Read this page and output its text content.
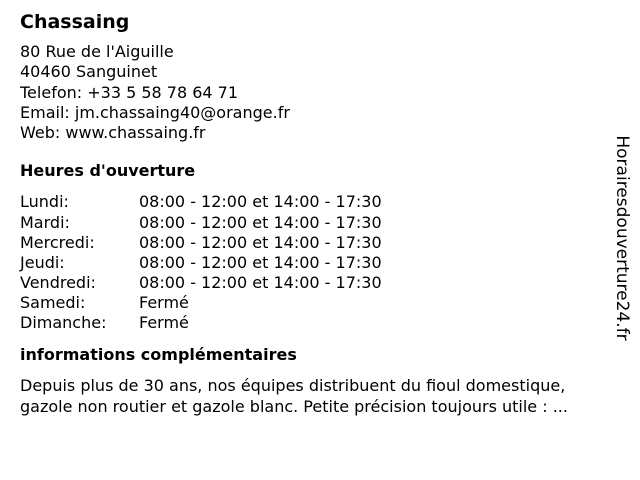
Chassaing
80 Rue de l'Aiguille
40460 Sanguinet
Telefon: +33 5 58 78 64 71
Email: jm.chassaing40@orange.fr
Web: www.chassaing.fr
Heures d'ouverture
Lundi:	08:00 - 12:00 et 14:00 - 17:30
Mardi:	08:00 - 12:00 et 14:00 - 17:30
Mercredi:	08:00 - 12:00 et 14:00 - 17:30
Jeudi:	08:00 - 12:00 et 14:00 - 17:30
Vendredi:	08:00 - 12:00 et 14:00 - 17:30
Samedi:	Fermé
Dimanche:	Fermé
informations complémentaires
Depuis plus de 30 ans, nos équipes distribuent du fioul domestique,
gazole non routier et gazole blanc. Petite précision toujours utile : ...
Horairesdouverture24.fr
